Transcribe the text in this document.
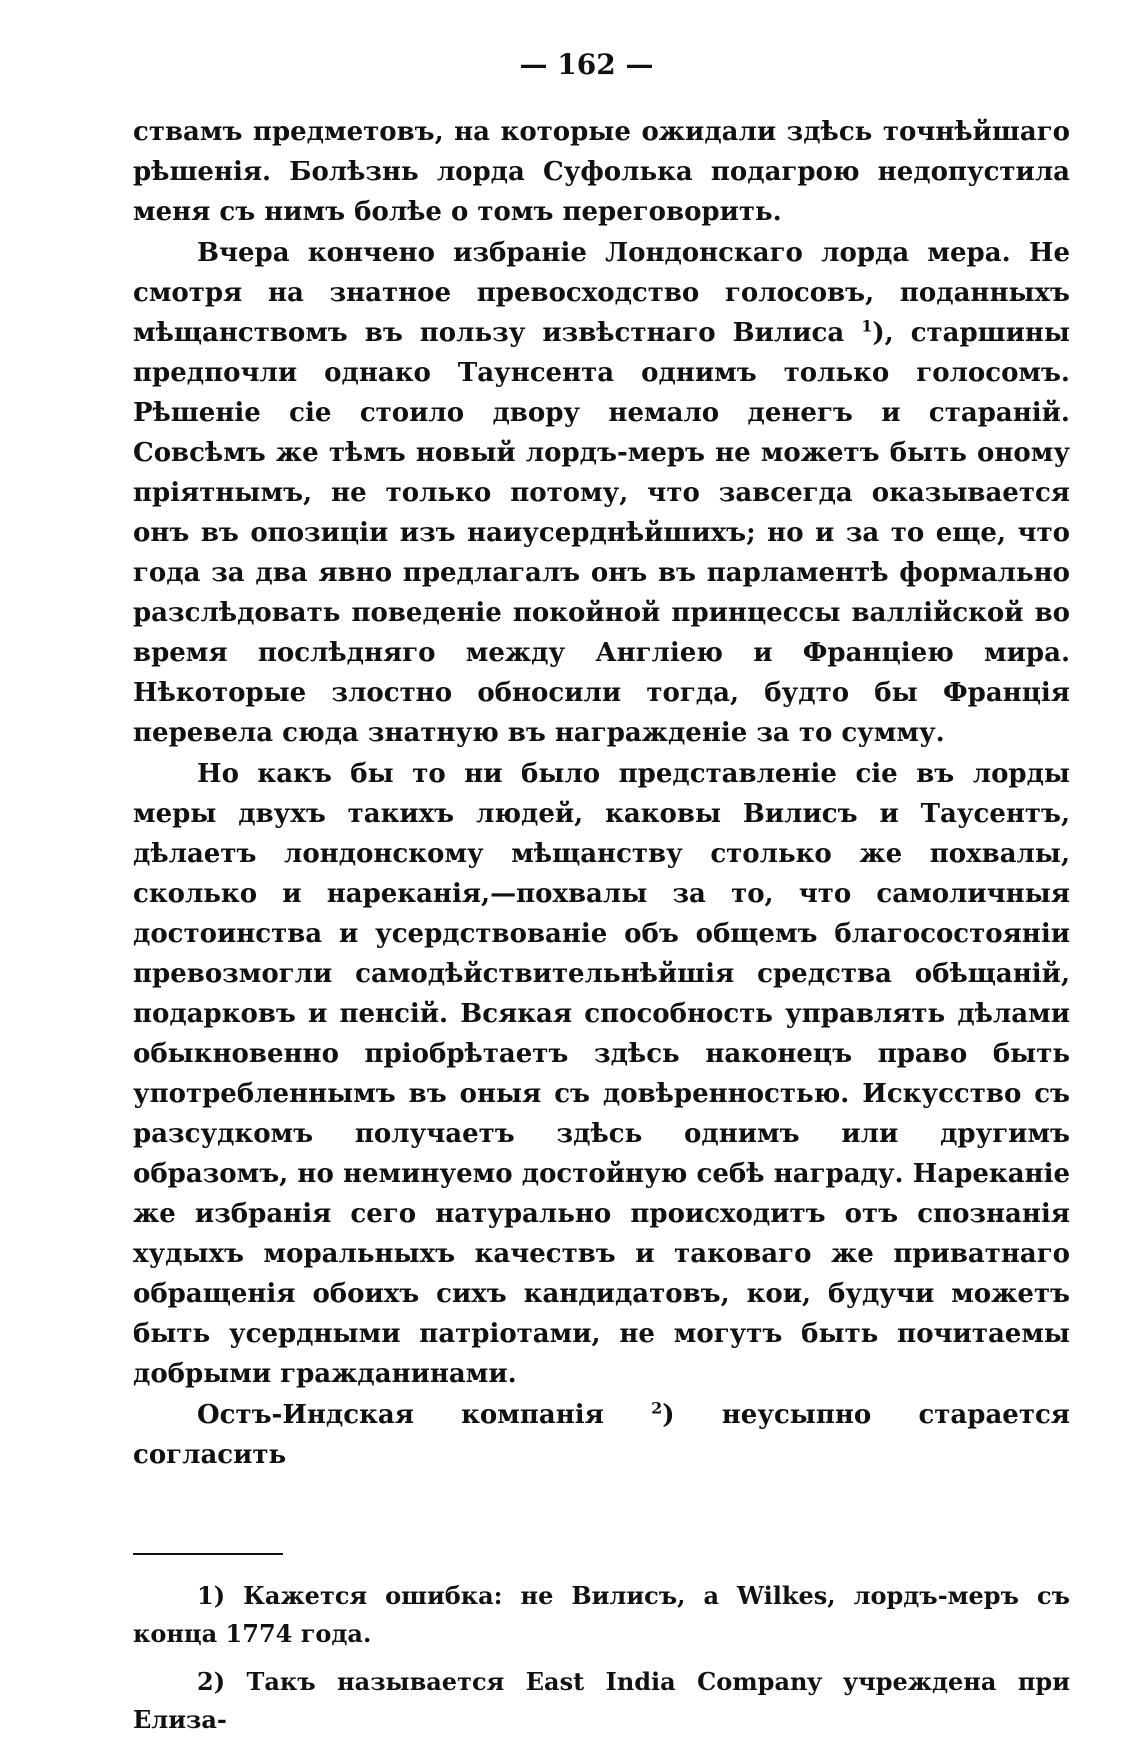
— 162 —

ствамъ предметовъ, на которые ожидали здѣсь точнѣйшаго рѣшенія. Болѣзнь лорда Суфолька подагрою недопустила меня съ нимъ болѣе о томъ переговорить.

Вчера кончено избраніе Лондонскаго лорда мера. Не смотря на знатное превосходство голосовъ, поданныхъ мѣщанствомъ въ пользу извѣстнаго Вилиса $^1$), старшины предпочли однако Таунсента однимъ только голосомъ. Рѣшеніе сіе стоило двору немало денегъ и стараній. Совсѣмъ же тѣмъ новый лордъ-меръ не можетъ быть оному пріятнымъ, не только потому, что завсегда оказывается онъ въ опозиціи изъ наиусерднѣйшихъ; но и за то еще, что года за два явно предлагалъ онъ въ парламентѣ формально разслѣдовать поведеніе покойной принцессы валлійской во время послѣдняго между Англіею и Франціею мира. Нѣкоторые злостно обносили тогда, будто бы Франція перевела сюда знатную въ награжденіе за то сумму.

Но какъ бы то ни было представленіе сіе въ лорды меры двухъ такихъ людей, каковы Вилисъ и Таусентъ, дѣлаетъ лондонскому мѣщанству столько же похвалы, сколько и нареканія,—похвалы за то, что самоличныя достоинства и усердствованіе объ общемъ благосостояніи превозмогли самодѣйствительнѣйшія средства обѣщаній, подарковъ и пенсій. Всякая способность управлять дѣлами обыкновенно пріобрѣтаетъ здѣсь наконецъ право быть употребленнымъ въ оныя съ довѣренностью. Искусство съ разсудкомъ получаетъ здѣсь однимъ или другимъ образомъ, но неминуемо достойную себѣ награду. Нареканіе же избранія сего натурально происходитъ отъ спознанія худыхъ моральныхъ качествъ и таковаго же приватнаго обращенія обоихъ сихъ кандидатовъ, кои, будучи можетъ быть усердными патріотами, не могутъ быть почитаемы добрыми гражданинами.

Остъ-Индская компанія	$^2$) неусыпно старается согласить

1) Кажется ошибка: не Вилисъ, а Wilkes, лордъ-меръ съ конца 1774 года.

2) Такъ называется East India Company учреждена при Елиза-
